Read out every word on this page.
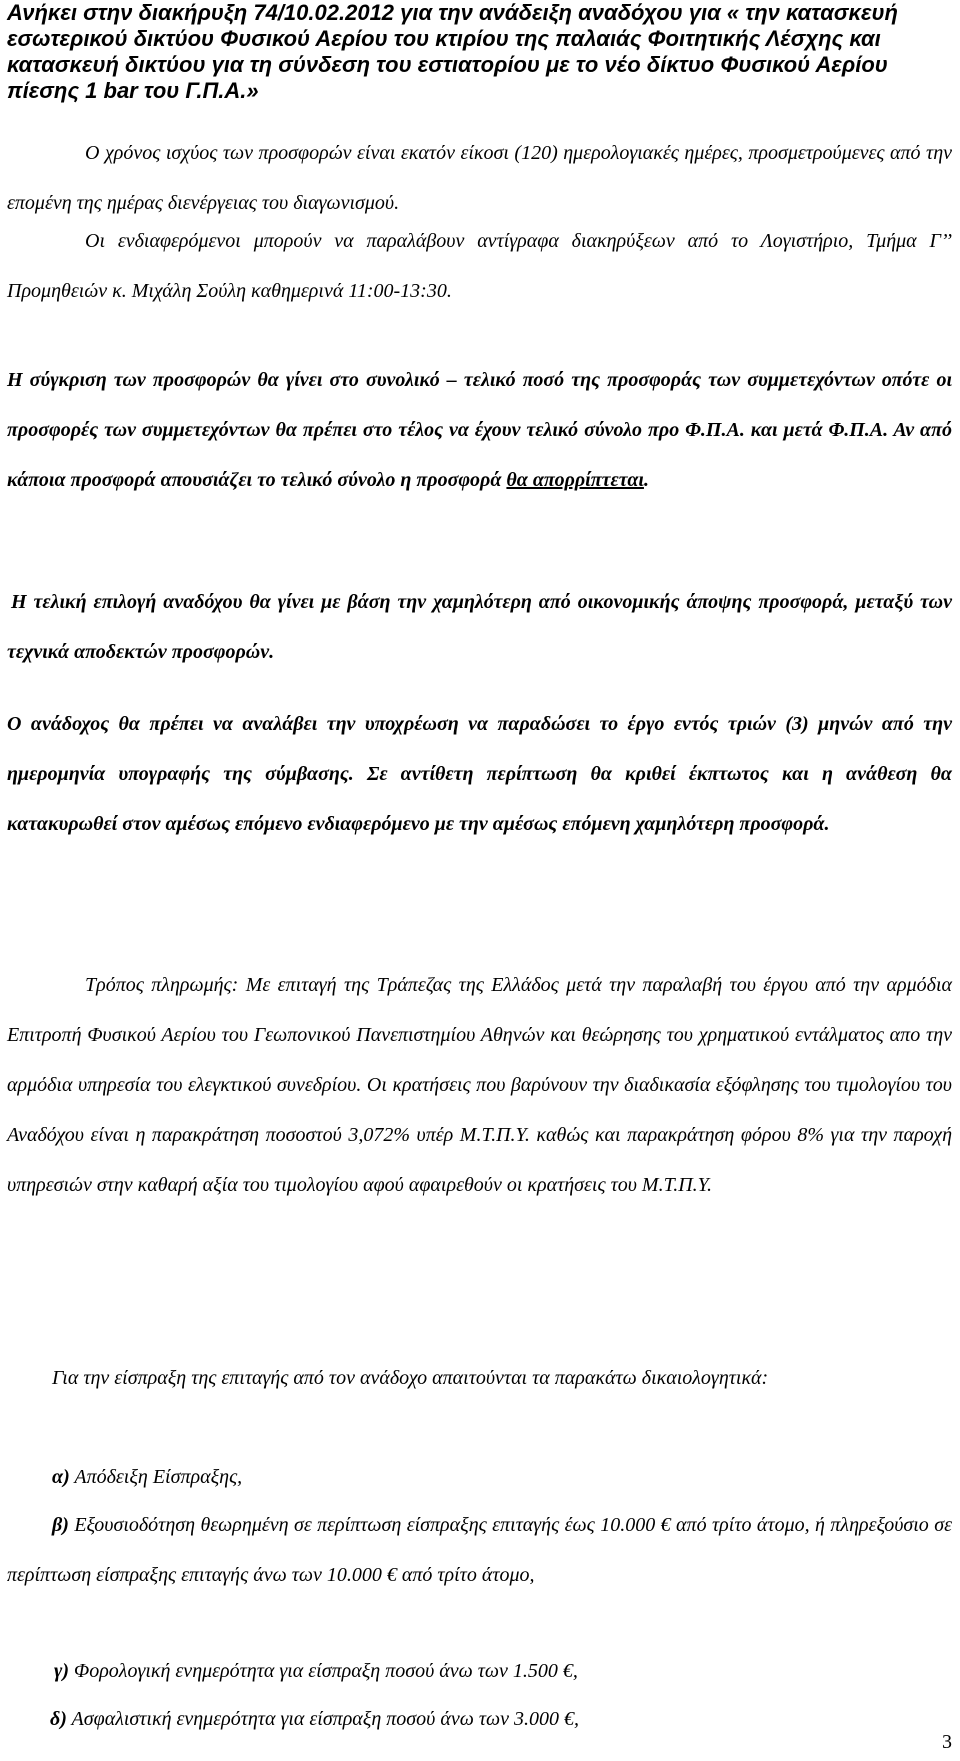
Ανήκει στην διακήρυξη 74/10.02.2012 για την ανάδειξη αναδόχου για « την κατασκευή εσωτερικού δικτύου Φυσικού Αερίου του κτιρίου της παλαιάς Φοιτητικής Λέσχης και κατασκευή δικτύου για τη σύνδεση του εστιατορίου με το νέο δίκτυο Φυσικού Αερίου πίεσης 1 bar του Γ.Π.Α.»
Ο χρόνος ισχύος των προσφορών είναι εκατόν είκοσι (120) ημερολογιακές ημέρες, προσμετρούμενες από την επομένη της ημέρας διενέργειας του διαγωνισμού.
Οι ενδιαφερόμενοι μπορούν να παραλάβουν αντίγραφα διακηρύξεων από το Λογιστήριο, Τμήμα Γ’’ Προμηθειών κ. Μιχάλη Σούλη καθημερινά 11:00-13:30.
Η σύγκριση των προσφορών θα γίνει στο συνολικό – τελικό ποσό της προσφοράς των συμμετεχόντων οπότε οι προσφορές των συμμετεχόντων θα πρέπει στο τέλος να έχουν τελικό σύνολο προ Φ.Π.Α. και μετά Φ.Π.Α. Αν από κάποια προσφορά απουσιάζει το τελικό σύνολο η προσφορά θα απορρίπτεται.
Η τελική επιλογή αναδόχου θα γίνει με βάση την χαμηλότερη από οικονομικής άποψης προσφορά, μεταξύ των τεχνικά αποδεκτών προσφορών.
Ο ανάδοχος θα πρέπει να αναλάβει την υποχρέωση να παραδώσει το έργο εντός τριών (3) μηνών από την ημερομηνία υπογραφής της σύμβασης. Σε αντίθετη περίπτωση θα κριθεί έκπτωτος και η ανάθεση θα κατακυρωθεί στον αμέσως επόμενο ενδιαφερόμενο με την αμέσως επόμενη χαμηλότερη προσφορά.
Τρόπος πληρωμής: Με επιταγή της Τράπεζας της Ελλάδος μετά την παραλαβή του έργου από την αρμόδια Επιτροπή Φυσικού Αερίου του Γεωπονικού Πανεπιστημίου Αθηνών και θεώρησης του χρηματικού εντάλματος απο την αρμόδια υπηρεσία του ελεγκτικού συνεδρίου. Οι κρατήσεις που βαρύνουν την διαδικασία εξόφλησης του τιμολογίου του Αναδόχου είναι η παρακράτηση ποσοστού 3,072% υπέρ Μ.Τ.Π.Υ. καθώς και παρακράτηση φόρου 8% για την παροχή υπηρεσιών στην καθαρή αξία του τιμολογίου αφού αφαιρεθούν οι κρατήσεις του Μ.Τ.Π.Υ.
Για την είσπραξη της επιταγής από τον ανάδοχο απαιτούνται τα παρακάτω δικαιολογητικά:
α) Απόδειξη Είσπραξης,
β) Εξουσιοδότηση θεωρημένη σε περίπτωση είσπραξης επιταγής έως 10.000 € από τρίτο άτομο, ή πληρεξούσιο σε περίπτωση είσπραξης επιταγής άνω των 10.000 € από τρίτο άτομο,
γ) Φορολογική ενημερότητα για είσπραξη ποσού άνω των 1.500 €,
δ) Ασφαλιστική ενημερότητα για είσπραξη ποσού άνω των 3.000 €,
3
